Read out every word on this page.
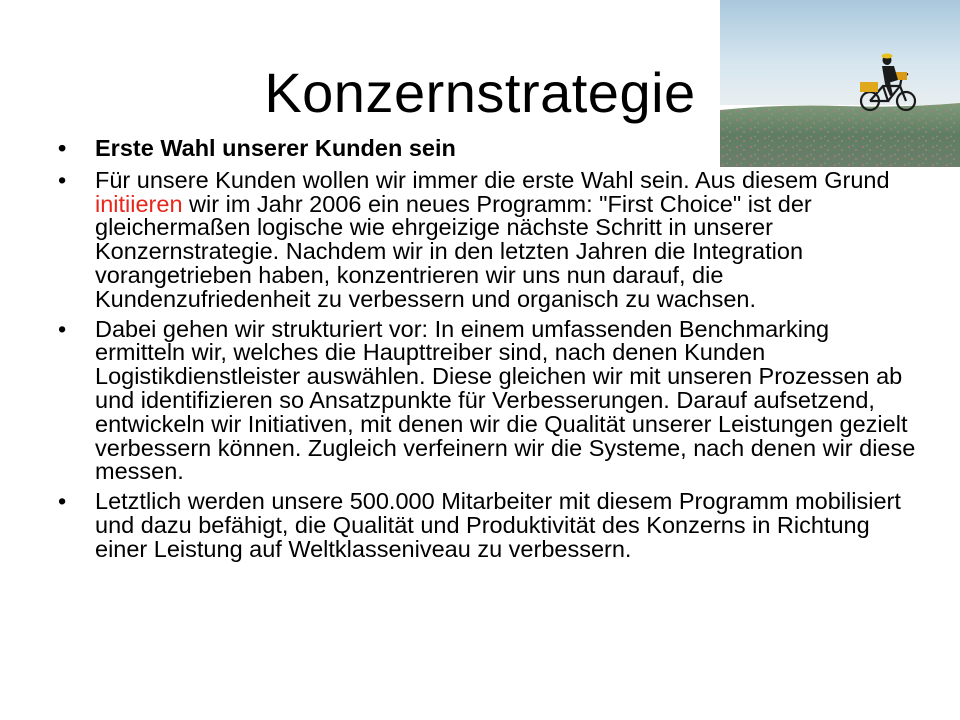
Konzernstrategie
• Erste Wahl unserer Kunden sein
• Für unsere Kunden wollen wir immer die erste Wahl sein. Aus diesem Grund initiieren wir im Jahr 2006 ein neues Programm: "First Choice" ist der gleichermaßen logische wie ehrgeizige nächste Schritt in unserer Konzernstrategie. Nachdem wir in den letzten Jahren die Integration vorangetrieben haben, konzentrieren wir uns nun darauf, die Kundenzufriedenheit zu verbessern und organisch zu wachsen.
• Dabei gehen wir strukturiert vor: In einem umfassenden Benchmarking ermitteln wir, welches die Haupttreiber sind, nach denen Kunden Logistikdienstleister auswählen. Diese gleichen wir mit unseren Prozessen ab und identifizieren so Ansatzpunkte für Verbesserungen. Darauf aufsetzend, entwickeln wir Initiativen, mit denen wir die Qualität unserer Leistungen gezielt verbessern können. Zugleich verfeinern wir die Systeme, nach denen wir diese messen.
• Letztlich werden unsere 500.000 Mitarbeiter mit diesem Programm mobilisiert und dazu befähigt, die Qualität und Produktivität des Konzerns in Richtung einer Leistung auf Weltklasseniveau zu verbessern.
